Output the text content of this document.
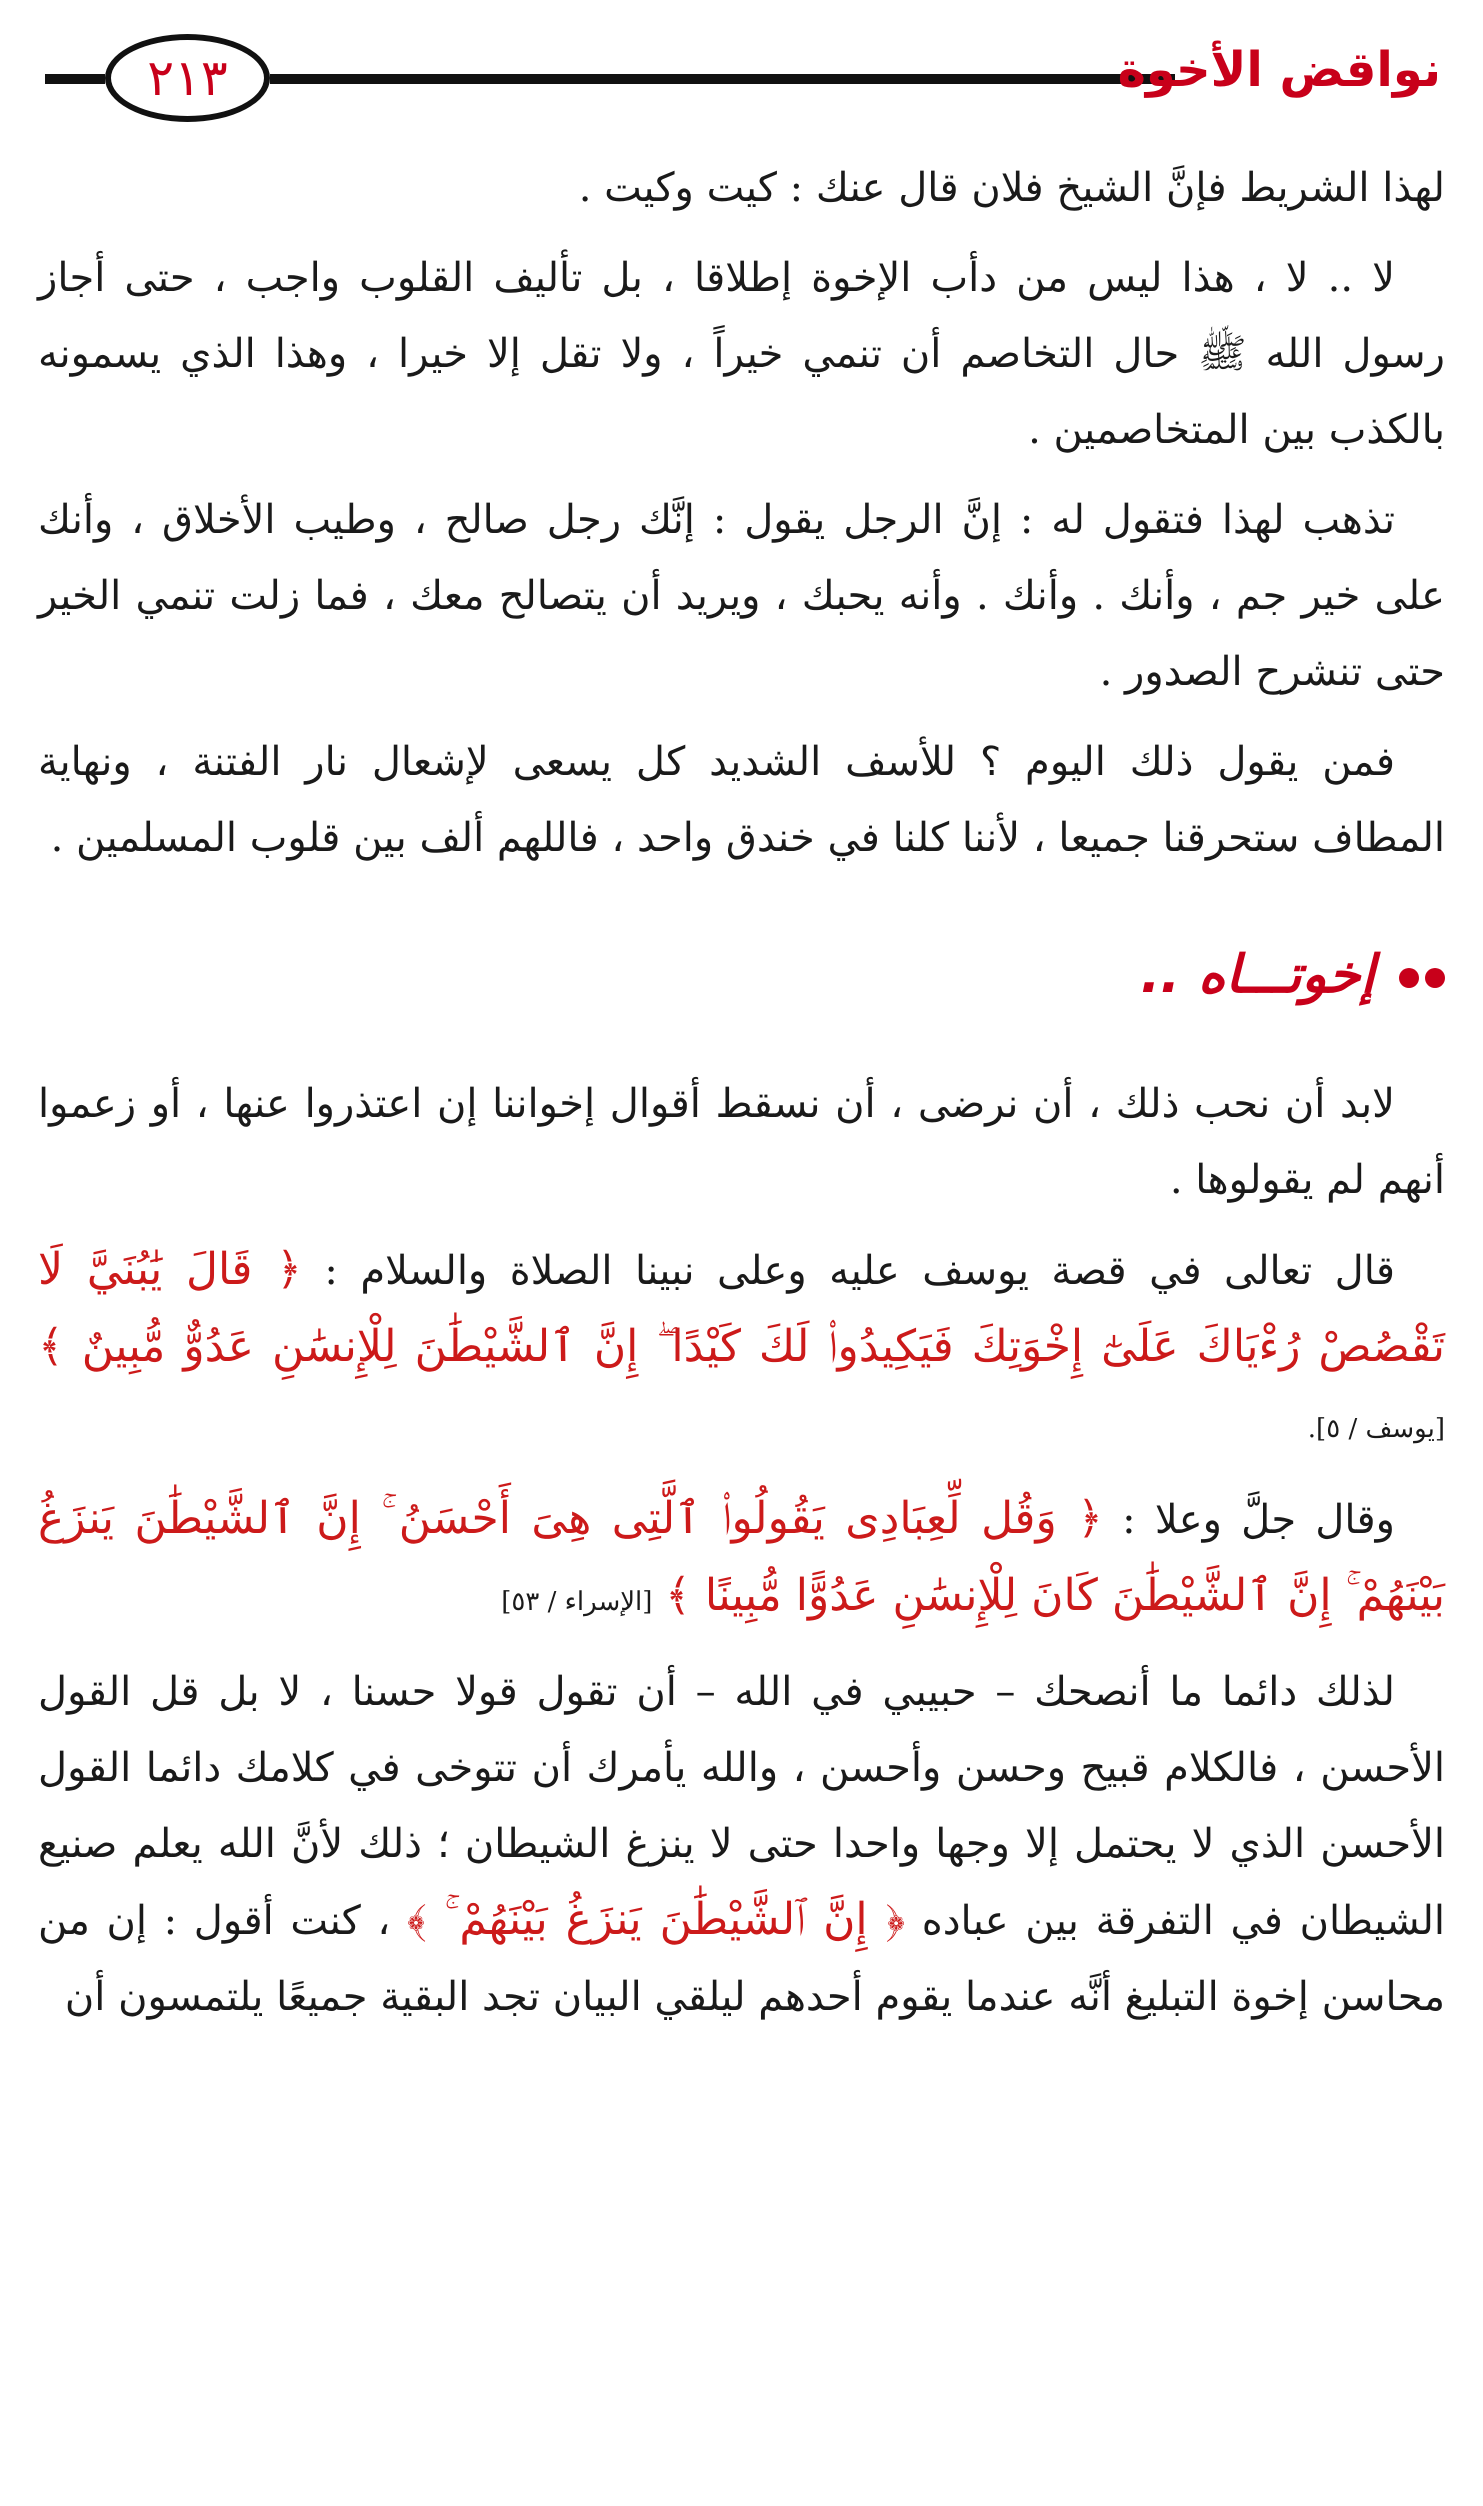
٢١٣	نواقض الأخوة

لهذا الشريط فإنَّ الشيخ فلان قال عنك : كيت وكيت .

لا .. لا ، هذا ليس من دأب الإخوة إطلاقا ، بل تأليف القلوب واجب ، حتى أجاز رسول الله ﷺ حال التخاصم أن تنمي خيراً ، ولا تقل إلا خيرا ، وهذا الذي يسمونه بالكذب بين المتخاصمين .

تذهب لهذا فتقول له : إنَّ الرجل يقول : إنَّك رجل صالح ، وطيب الأخلاق ، وأنك على خير جم ، وأنك . وأنك . وأنه يحبك ، ويريد أن يتصالح معك ، فما زلت تنمي الخير حتى تنشرح الصدور .

فمن يقول ذلك اليوم ؟ للأسف الشديد كل يسعى لإشعال نار الفتنة ، ونهاية المطاف ستحرقنا جميعا ، لأننا كلنا في خندق واحد ، فاللهم ألف بين قلوب المسلمين .

إخوتـــاه ..

لابد أن نحب ذلك ، أن نرضى ، أن نسقط أقوال إخواننا إن اعتذروا عنها ، أو زعموا أنهم لم يقولوها .

قال تعالى في قصة يوسف عليه وعلى نبينا الصلاة والسلام : ﴿ قَالَ يَٰبُنَيَّ لَا تَقْصُصْ رُءْيَاكَ عَلَىٰٓ إِخْوَتِكَ فَيَكِيدُوا۟ لَكَ كَيْدًا ۖ إِنَّ ٱلشَّيْطَٰنَ لِلْإِنسَٰنِ عَدُوٌّ مُّبِينٌ ﴾ [يوسف / ٥].

وقال جلَّ وعلا : ﴿ وَقُل لِّعِبَادِى يَقُولُوا۟ ٱلَّتِى هِىَ أَحْسَنُ ۚ إِنَّ ٱلشَّيْطَٰنَ يَنزَغُ بَيْنَهُمْ ۚ إِنَّ ٱلشَّيْطَٰنَ كَانَ لِلْإِنسَٰنِ عَدُوًّا مُّبِينًا ﴾ [الإسراء / ٥٣]

لذلك دائما ما أنصحك – حبيبي في الله – أن تقول قولا حسنا ، لا بل قل القول الأحسن ، فالكلام قبيح وحسن وأحسن ، والله يأمرك أن تتوخى في كلامك دائما القول الأحسن الذي لا يحتمل إلا وجها واحدا حتى لا ينزغ الشيطان ؛ ذلك لأنَّ الله يعلم صنيع الشيطان في التفرقة بين عباده ﴿ إِنَّ ٱلشَّيْطَٰنَ يَنزَغُ بَيْنَهُمْ ۚ ﴾ ، كنت أقول : إن من محاسن إخوة التبليغ أنَّه عندما يقوم أحدهم ليلقي البيان تجد البقية جميعًا يلتمسون أن
